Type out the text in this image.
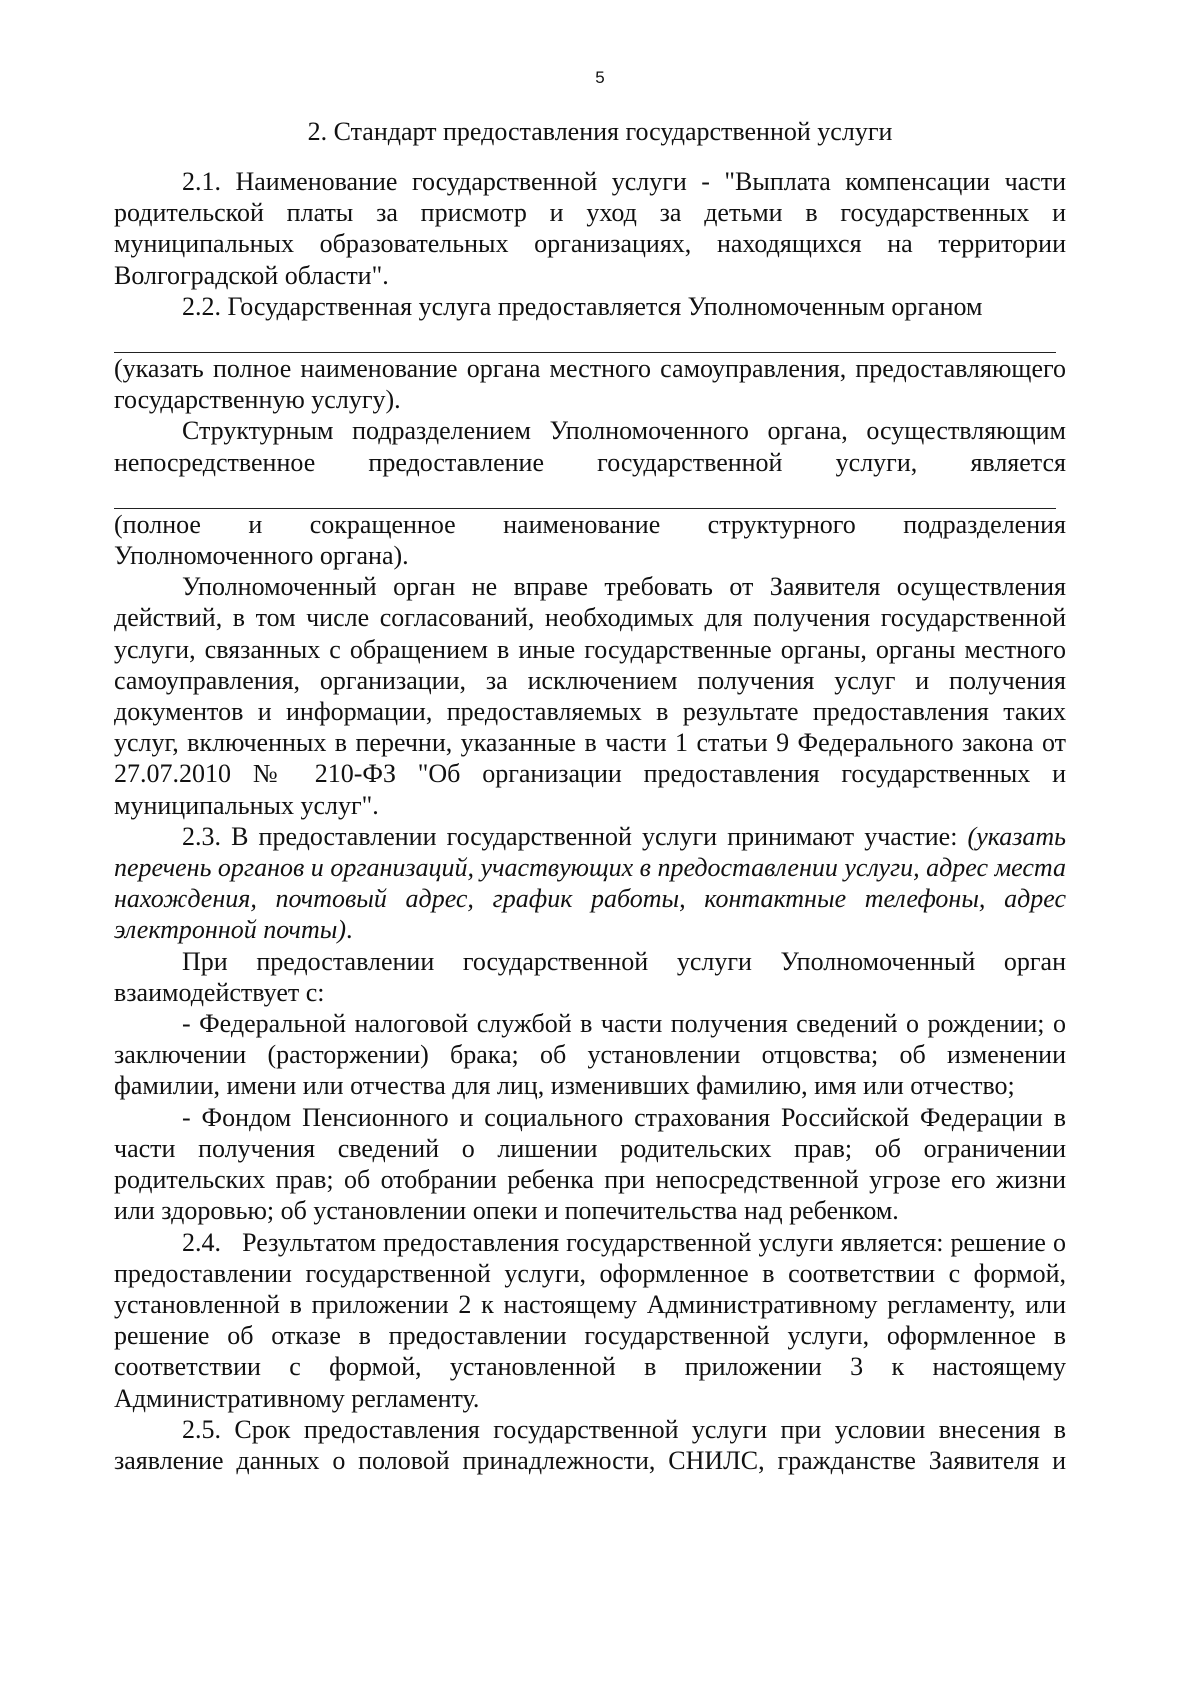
5
2. Стандарт предоставления государственной услуги

2.1. Наименование государственной услуги - "Выплата компенсации части родительской платы за присмотр и уход за детьми в государственных и муниципальных образовательных организациях, находящихся на территории Волгоградской области".

2.2. Государственная услуга предоставляется Уполномоченным органом

(указать полное наименование органа местного самоуправления, предоставляющего государственную услугу).

Структурным подразделением Уполномоченного органа, осуществляющим непосредственное предоставление государственной услуги, является

(полное и сокращенное наименование структурного подразделения Уполномоченного органа).

Уполномоченный орган не вправе требовать от Заявителя осуществления действий, в том числе согласований, необходимых для получения государственной услуги, связанных с обращением в иные государственные органы, органы местного самоуправления, организации, за исключением получения услуг и получения документов и информации, предоставляемых в результате предоставления таких услуг, включенных в перечни, указанные в части 1 статьи 9 Федерального закона от 27.07.2010 № 210-ФЗ "Об организации предоставления государственных и муниципальных услуг".

2.3. В предоставлении государственной услуги принимают участие: (указать перечень органов и организаций, участвующих в предоставлении услуги, адрес места нахождения, почтовый адрес, график работы, контактные телефоны, адрес электронной почты).

При предоставлении государственной услуги Уполномоченный орган взаимодействует с:

- Федеральной налоговой службой в части получения сведений о рождении; о заключении (расторжении) брака; об установлении отцовства; об изменении фамилии, имени или отчества для лиц, изменивших фамилию, имя или отчество;

- Фондом Пенсионного и социального страхования Российской Федерации в части получения сведений о лишении родительских прав; об ограничении родительских прав; об отобрании ребенка при непосредственной угрозе его жизни или здоровью; об установлении опеки и попечительства над ребенком.

2.4.   Результатом предоставления государственной услуги является: решение о предоставлении государственной услуги, оформленное в соответствии с формой, установленной в приложении 2 к настоящему Административному регламенту, или решение об отказе в предоставлении государственной услуги, оформленное в соответствии с формой, установленной в приложении 3 к настоящему Административному регламенту.

2.5. Срок предоставления государственной услуги при условии внесения в заявление данных о половой принадлежности, СНИЛС, гражданстве Заявителя и
